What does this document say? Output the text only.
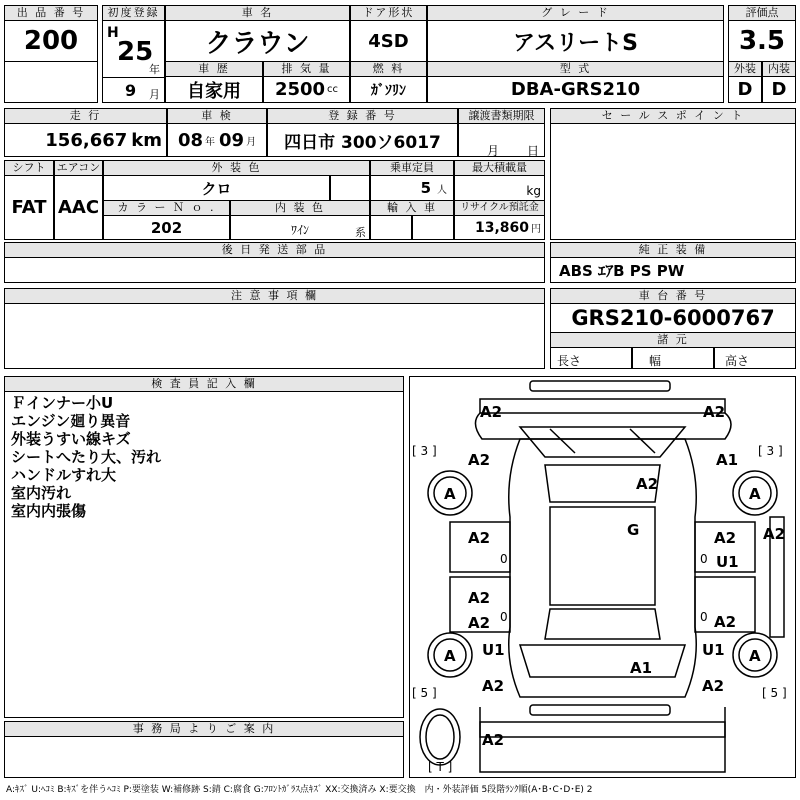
出 品 番 号
200
初度登録
H
25
年
9 月
車 名
クラウン
ドア形状
4SD
グ レ ー ド
アスリートS
評価点
3.5
車 歴
自家用
排 気 量
2500 cc
燃 料
ｶﾞｿﾘﾝ
型 式
DBA-GRS210
外装	内装
D	D
走 行
156,667 km
車 検
08 年 09 月
登 録 番 号
四日市 300ソ6017
譲渡書類期限
月 日
セ ー ル ス ポ イ ン ト
シフト
FAT
エアコン
AAC
外 装 色
クロ
乗車定員
5 人
最大積載量
kg
カ ラ ー Ｎ ｏ .
202
内 装 色
ﾜｲﾝ	系
輸 入 車	リサイクル預託金
13,860 円
後 日 発 送 部 品	純 正 装 備
ABS ｴｱB PS PW
注 意 事 項 欄	車 台 番 号
GRS210-6000767
諸 元
長さ	幅	高さ
検 査 員 記 入 欄
Ｆインナー小U
エンジン廻り異音
外装うすい線キズ
シートへたり大、汚れ
ハンドルすれ大
室内汚れ
室内内張傷
事 務 局 よ り ご 案 内
[ 3 ]	[ 3 ]
[ 5 ]	[ 5 ]
[ T ]
A2	A2
A2	A1
A	A
A2
A2	G	A2 A2
U1
A2
A2
A2
A U1	U1 A
A1
A2	A2
A2
0	0
0	0
A:ｷｽﾞ U:ﾍｺﾐ B:ｷｽﾞを伴うﾍｺﾐ P:要塗装 W:補修跡 S:錆 C:腐食 G:ﾌﾛﾝﾄｶﾞﾗｽ点ｷｽﾞ XX:交換済み X:要交換　内・外装評価 5段階ﾗﾝｸ順(A･B･C･D･E) 2
